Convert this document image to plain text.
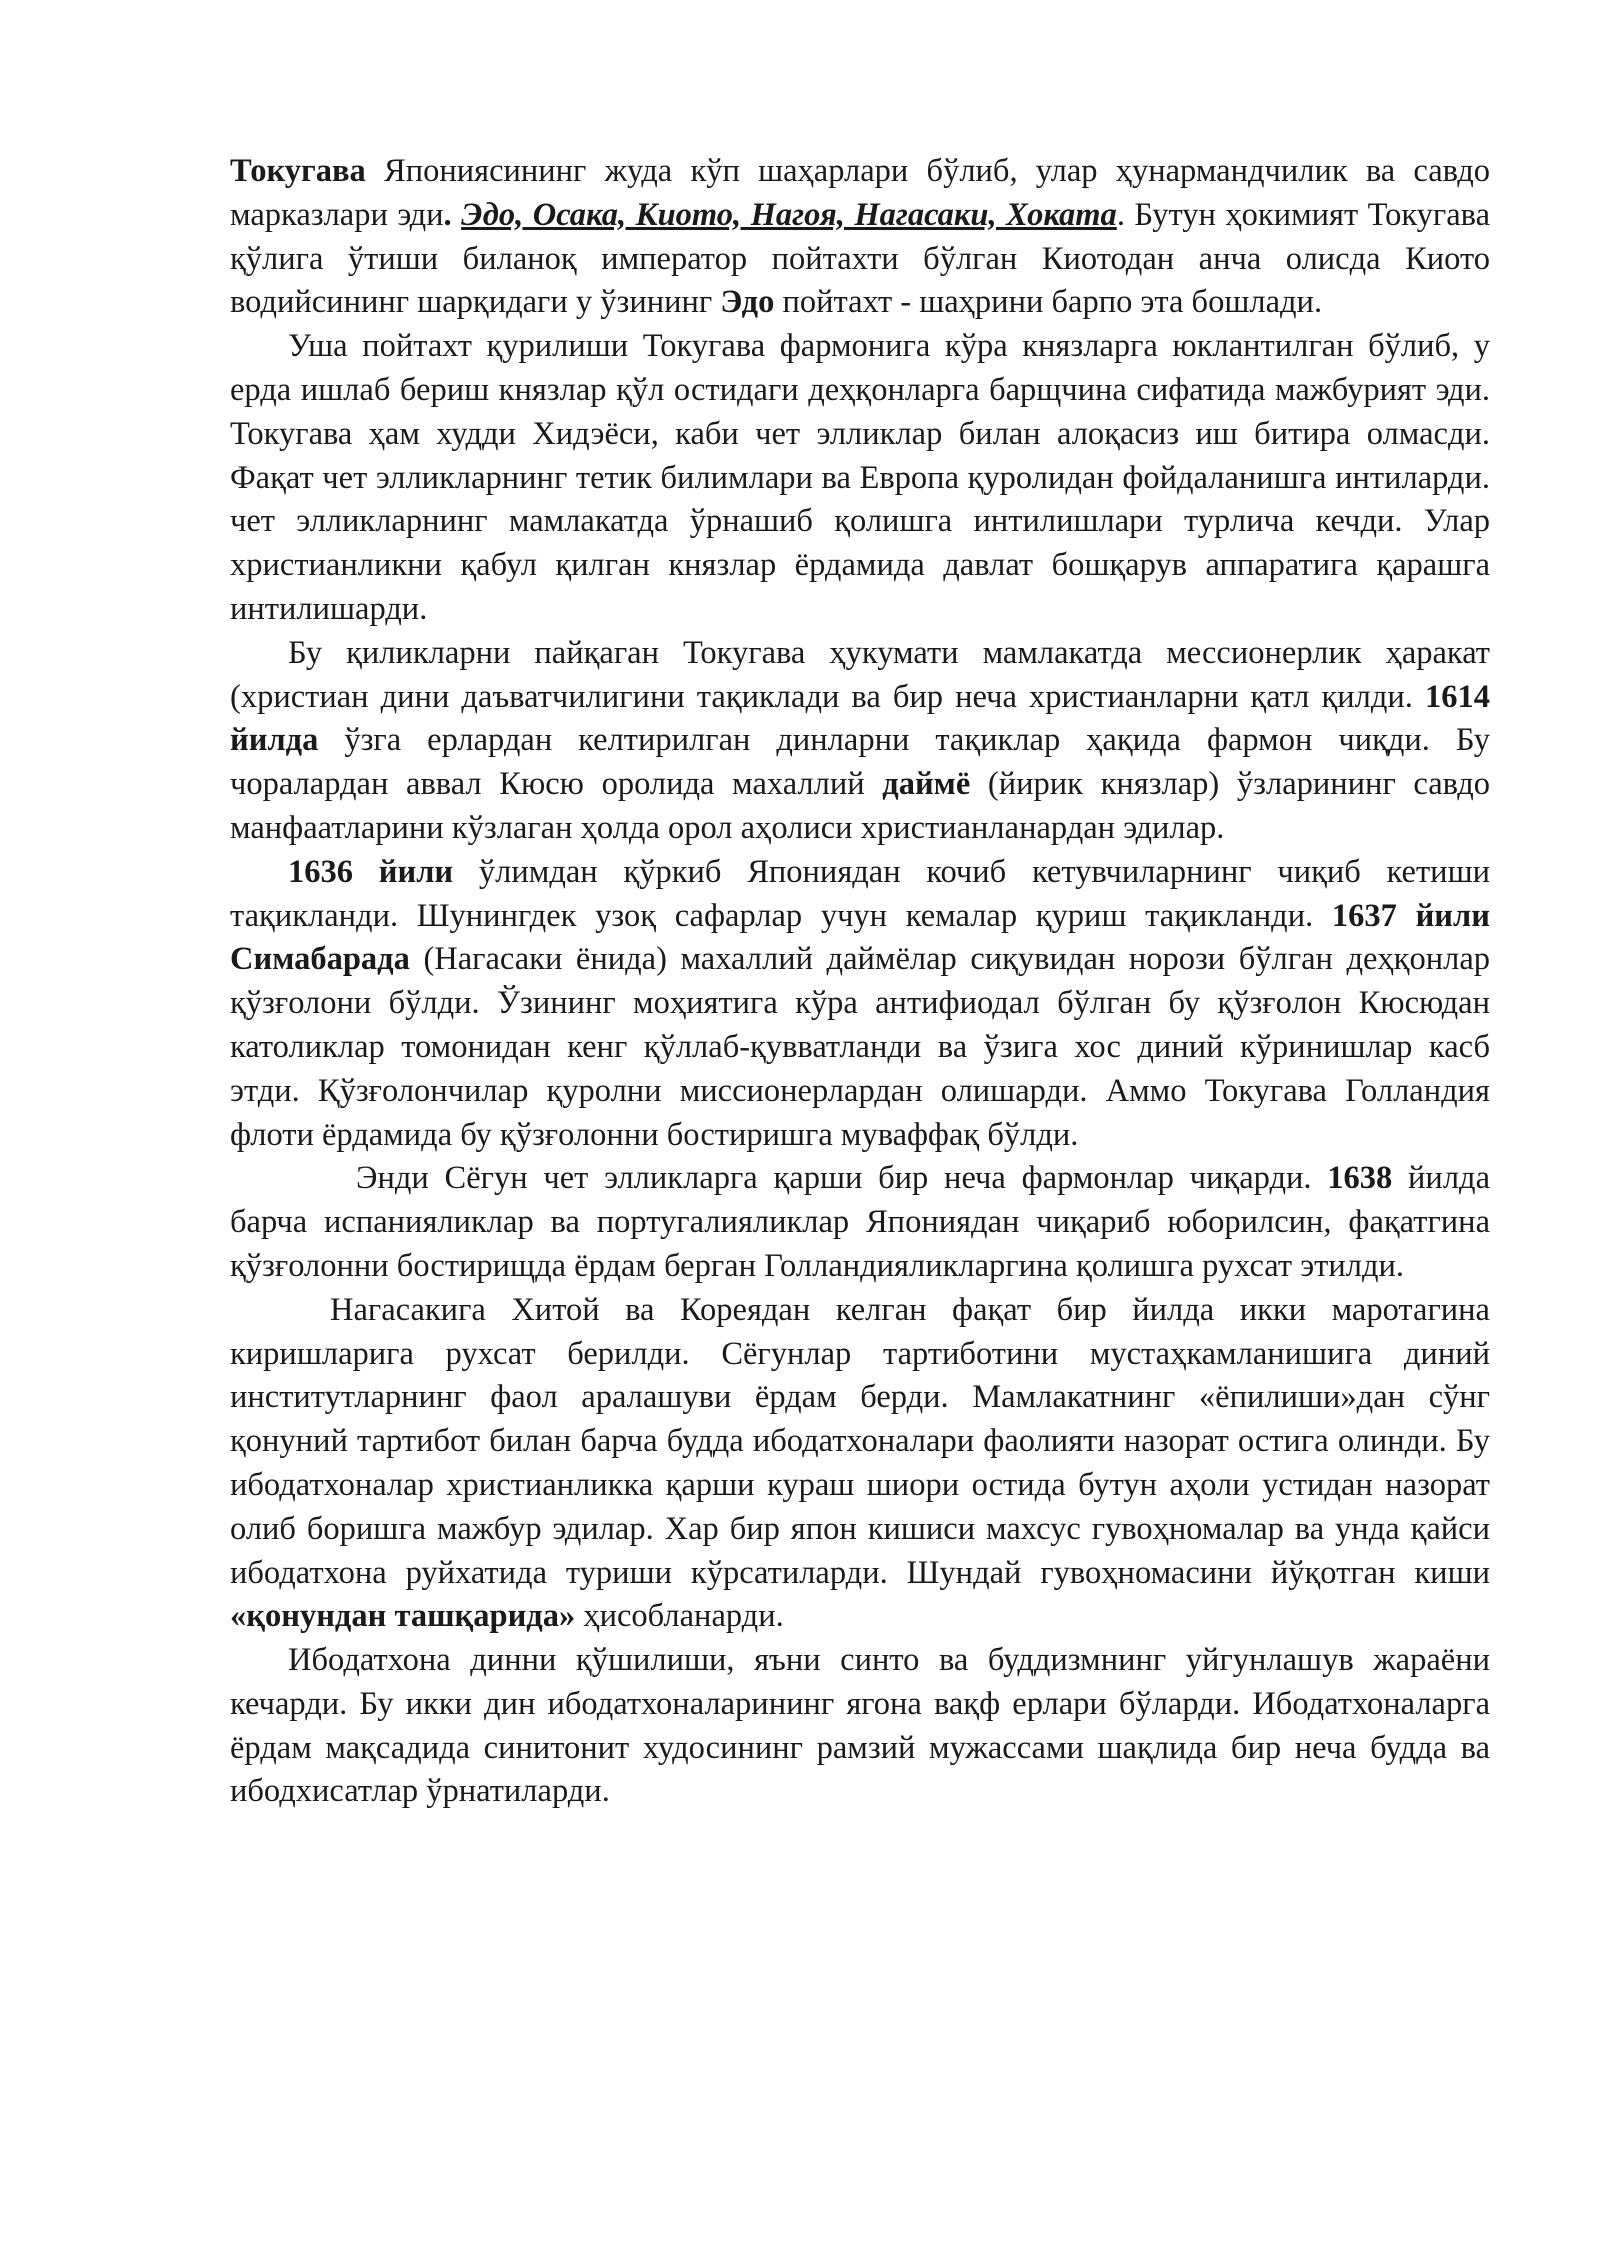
Токугава Японияcининг жуда кўп шаҳарлари бўлиб, улар ҳунармандчилик ва савдо марказлари эди. Эдо, Осака, Киото, Нагоя, Нагасаки, Хоката. Бутун ҳокимият Токугава қўлига ўтиши биланоқ император пойтахти бўлган Киотодан анча олисда Киото водийсининг шарқидаги у ўзининг Эдо пойтахт - шаҳрини барпо эта бошлади.

Уша пойтахт қурилиши Токугава фармонига кўра князларга юклантилган бўлиб, у ерда ишлаб бериш князлар қўл остидаги деҳқонларга барщчина сифатида мажбурият эди. Токугава ҳам худди Хидэёси, каби чет элликлар билан алоқасиз иш битира олмасди. Фақат чет элликларнинг тетик билимлари ва Европа қуролидан фойдаланишга интиларди. чет элликларнинг мамлакатда ўрнашиб қолишга интилишлари турлича кечди. Улар христианликни қабул қилган князлар ёрдамида давлат бошқарув аппаратига қарашга интилишарди.

Бу қиликларни пайқаган Токугава ҳукумати мамлакатда мессионерлик ҳаракат (христиан дини даъватчилигини тақиклади ва бир неча христианларни қатл қилди. 1614 йилда ўзга ерлардан келтирилган динларни тақиклар ҳақида фармон чиқди. Бу чоралардан аввал Кюсю оролида махаллий даймё (йирик князлар) ўзларининг савдо манфаатларини кўзлаган ҳолда орол аҳолиси христианланардан эдилар.

1636 йили ўлимдан қўркиб Япониядан кочиб кетувчиларнинг чиқиб кетиши тақикланди. Шунингдек узоқ сафарлар учун кемалар қуриш тақикланди. 1637 йили Симабарада (Нагасаки ёнида) махаллий даймёлар сиқувидан норози бўлган деҳқонлар қўзғолони бўлди. Ўзининг моҳиятига кўра антифиодал бўлган бу қўзғолон Кюсюдан католиклар томонидан кенг қўллаб-қувватланди ва ўзига хос диний кўринишлар касб этди. Қўзғолончилар қуролни миссионерлардан олишарди. Аммо Токугава Голландия флоти ёрдамида бу қўзғолонни бостиришга муваффақ бўлди.

Энди Сёгун чет элликларга қарши бир неча фармонлар чиқарди. 1638 йилда барча испанияликлар ва португалияликлар Япониядан чиқариб юборилсин, фақатгина қўзғолонни бостирищда ёрдам берган Голландияликларгина қолишга рухсат этилди.

Нагасакига Хитой ва Кореядан келган фақат бир йилда икки маротагина киришларига рухсат берилди. Сёгунлар тартиботини мустаҳкамланишига диний институтларнинг фаол аралашуви ёрдам берди. Мамлакатнинг «ёпилиши»дан сўнг қонуний тартибот билан барча будда ибодатхоналари фаолияти назорат остига олинди. Бу ибодатхоналар христианликка қарши кураш шиори остида бутун аҳоли устидан назорат олиб боришга мажбур эдилар. Хар бир япон кишиси махсус гувоҳномалар ва унда қайси ибодатхона руйхатида туриши кўрсатиларди. Шундай гувоҳномасини йўқотган киши «қонундан ташқарида» ҳисобланарди.

Ибодатхона динни қўшилиши, яъни синто ва буддизмнинг уйгунлашув жараёни кечарди. Бу икки дин ибодатхоналарининг ягона вақф ерлари бўларди. Ибодатхоналарга ёрдам мақсадида синитонит худосининг рамзий мужассами шақлида бир неча будда ва ибодхисатлар ўрнатиларди.
